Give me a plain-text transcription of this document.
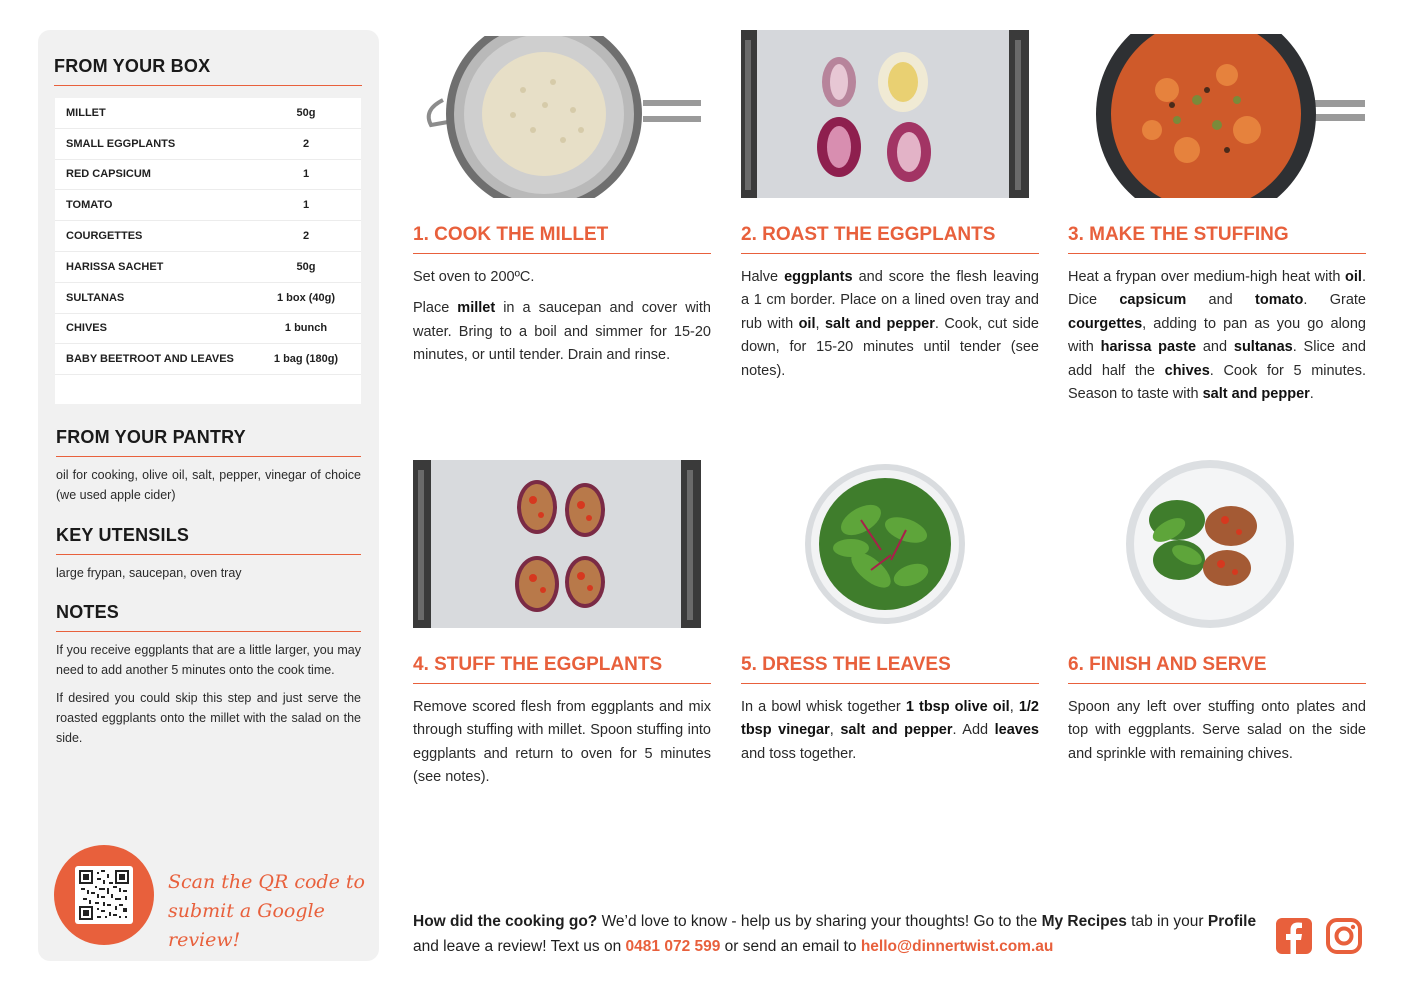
FROM YOUR BOX
MILLET	50g
SMALL EGGPLANTS	2
RED CAPSICUM	1
TOMATO	1
COURGETTES	2
HARISSA SACHET	50g
SULTANAS	1 box (40g)
CHIVES	1 bunch
BABY BEETROOT AND LEAVES	1 bag (180g)
FROM YOUR PANTRY
oil for cooking, olive oil, salt, pepper, vinegar of choice (we used apple cider)
KEY UTENSILS
large frypan, saucepan, oven tray
NOTES
If you receive eggplants that are a little larger, you may need to add another 5 minutes onto the cook time.
If desired you could skip this step and just serve the roasted eggplants onto the millet with the salad on the side.
Scan the QR code to
submit a Google review!
1. COOK THE MILLET

Set oven to 200ºC.

Place millet in a saucepan and cover with water. Bring to a boil and simmer for 15-20 minutes, or until tender. Drain and rinse.

2. ROAST THE EGGPLANTS

Halve eggplants and score the flesh leaving a 1 cm border. Place on a lined oven tray and rub with oil, salt and pepper. Cook, cut side down, for 15-20 minutes until tender (see notes).

3. MAKE THE STUFFING

Heat a frypan over medium-high heat with oil. Dice capsicum and tomato. Grate courgettes, adding to pan as you go along with harissa paste and sultanas. Slice and add half the chives. Cook for 5 minutes. Season to taste with salt and pepper.

4. STUFF THE EGGPLANTS

Remove scored flesh from eggplants and mix through stuffing with millet. Spoon stuffing into eggplants and return to oven for 5 minutes (see notes).

5. DRESS THE LEAVES

In a bowl whisk together 1 tbsp olive oil, 1/2 tbsp vinegar, salt and pepper. Add leaves and toss together.

6. FINISH AND SERVE

Spoon any left over stuffing onto plates and top with eggplants. Serve salad on the side and sprinkle with remaining chives.

How did the cooking go? We’d love to know - help us by sharing your thoughts! Go to the My Recipes tab in your Profile and leave a review! Text us on 0481 072 599 or send an email to hello@dinnertwist.com.au
